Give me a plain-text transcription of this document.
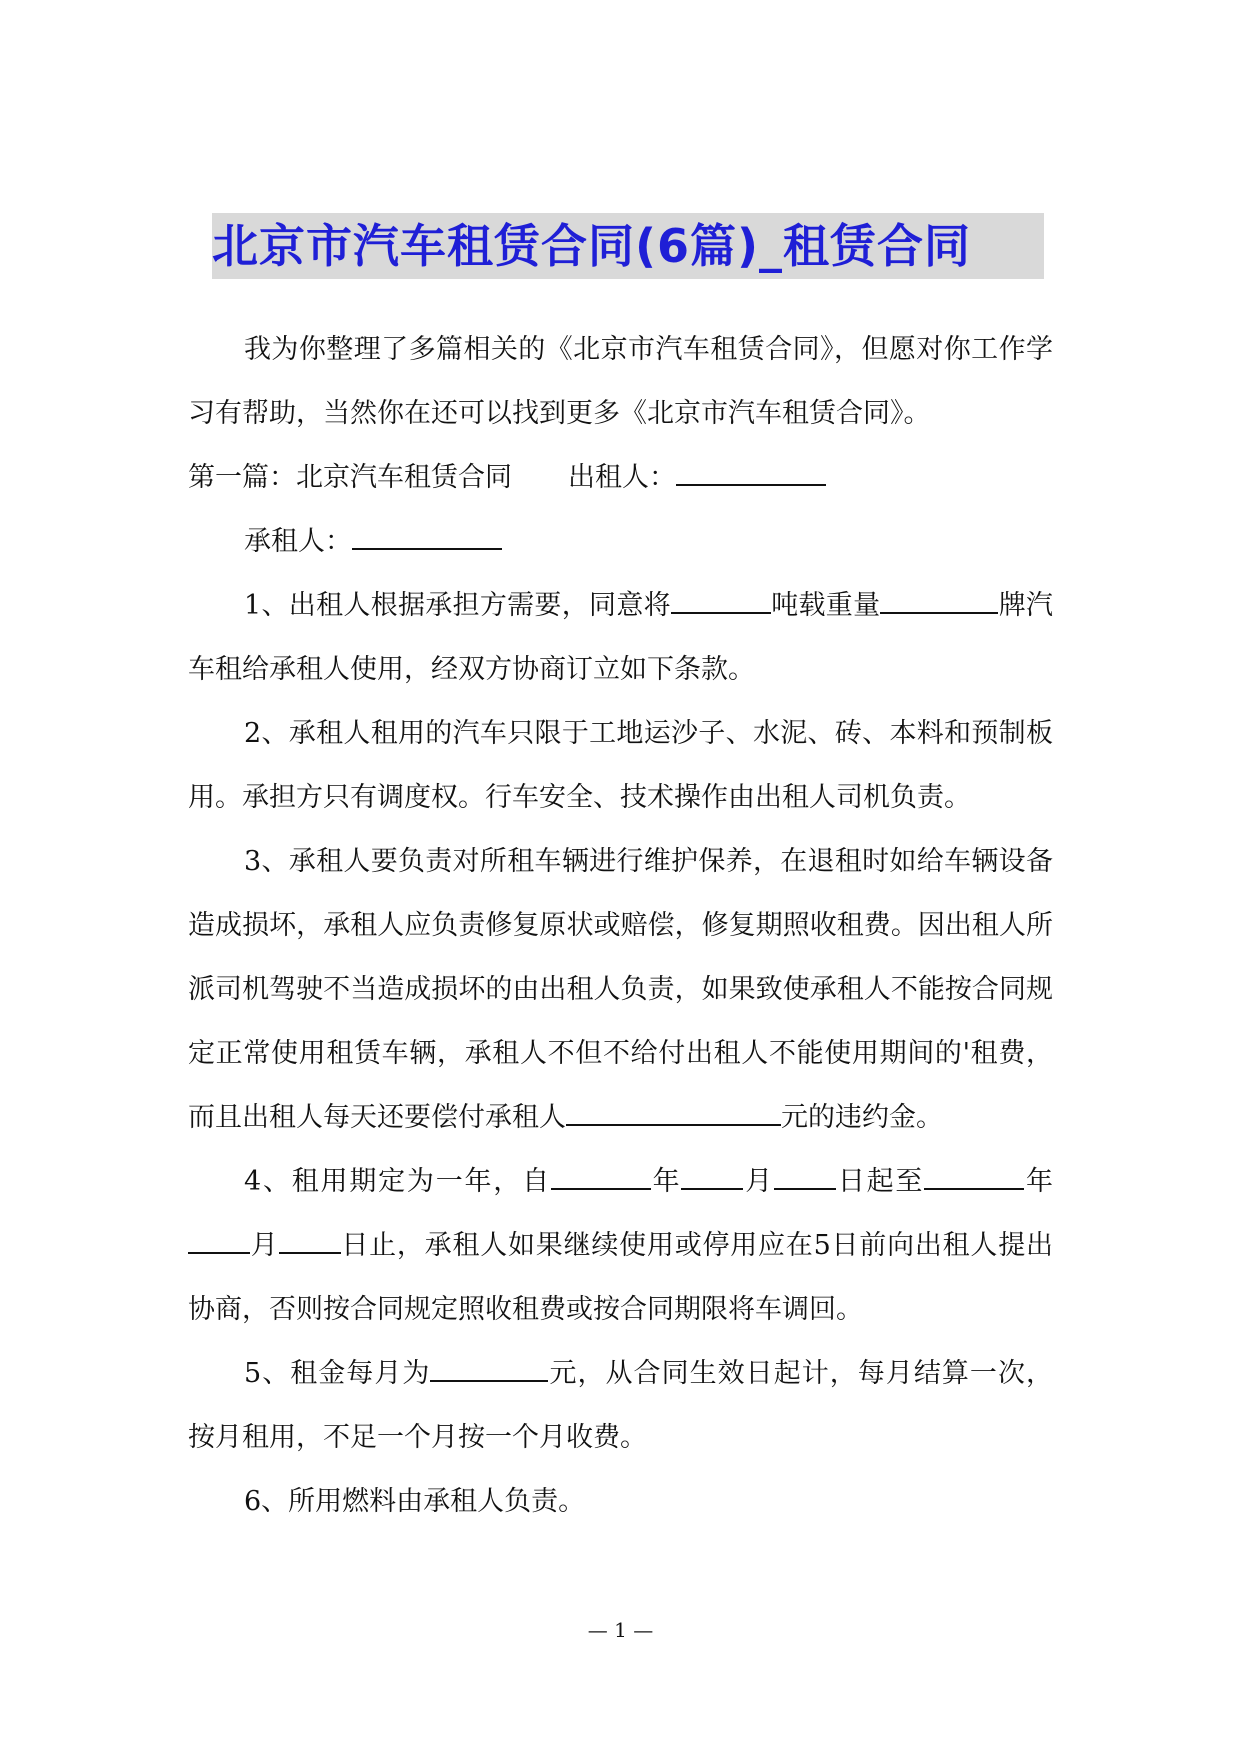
北京市汽车租赁合同(6篇)_租赁合同

我为你整理了多篇相关的《北京市汽车租赁合同》，但愿对你工作学习有帮助，当然你在还可以找到更多《北京市汽车租赁合同》。

第一篇：北京汽车租赁合同 出租人：

承租人：

1、出租人根据承担方需要，同意将	吨载重量	牌汽车租给承租人使用，经双方协商订立如下条款。

2、承租人租用的汽车只限于工地运沙子、水泥、砖、本料和预制板用。承担方只有调度权。行车安全、技术操作由出租人司机负责。

3、承租人要负责对所租车辆进行维护保养，在退租时如给车辆设备造成损坏，承租人应负责修复原状或赔偿，修复期照收租费。因出租人所派司机驾驶不当造成损坏的由出租人负责，如果致使承租人不能按合同规定正常使用租赁车辆，承租人不但不给付出租人不能使用期间的'租费，而且出租人每天还要偿付承租人	元的违约金。

4、租用期定为一年，自	年 月 日起至	年月 日止，承租人如果继续使用或停用应在5日前向出租人提出协商，否则按合同规定照收租费或按合同期限将车调回。

5、租金每月为	元，从合同生效日起计，每月结算一次，按月租用，不足一个月按一个月收费。

6、所用燃料由承租人负责。

— 1 —
